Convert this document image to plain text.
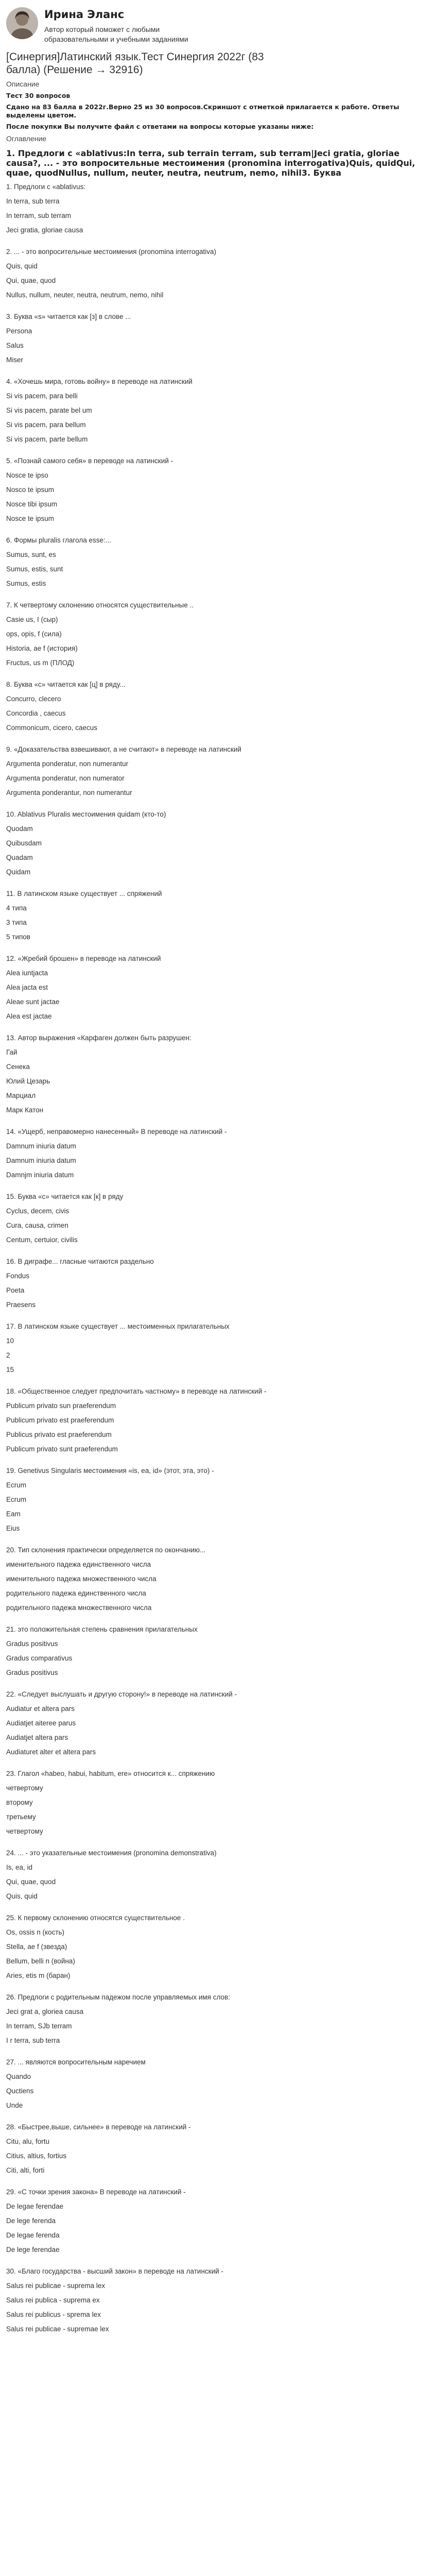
Ирина Эланс
Автор который поможет с любыми образовательными и учебными заданиями
[Синергия]Латинский язык.Тест Синергия 2022г (83 балла) (Решение → 32916)
Описание
Тест 30 вопросов
Сдано на 83 балла в 2022г.Верно 25 из 30 вопросов.Скриншот с отметкой прилагается к работе. Ответы выделены цветом.
После покупки Вы получите файл с ответами на вопросы которые указаны ниже:
Оглавление
1. Предлоги с «ablativus:In terra, sub terrain terram, sub terram|Jeci gratia, gloriae causa?, ... - это вопросительные местоимения (pronomina interrogativa)Quis, quidQui, quae, quodNullus, nullum, neuter, neutra, neutrum, nemo, nihil3. Буква
1. Предлоги с «ablativus:
In terra, sub terra
In terram, sub terram
Jeci gratia, gloriae causa
2. ... - это вопросительные местоимения (pronomina interrogativa)
Quis, quid
Qui, quae, quod
Nullus, nullum, neuter, neutra, neutrum, nemo, nihil
3. Буква «s» читается как [з] в слове ...
Persona
Salus
Miser
4. «Хочешь мира, готовь войну» в переводе на латинский
Si vis pacem, para belli
Si vis pacem, parate bel um
Si vis pacem, para bellum
Si vis pacem, parte bellum
5. «Познай самого себя» в переводе на латинский -
Nosce te ipso
Nosco te ipsum
Nosce tibi ipsum
Nosce te ipsum
6. Формы pluralis глагола esse:...
Sumus, sunt, es
Sumus, estis, sunt
Sumus, estis
7. К четвертому склонению относятся существительные ..
Casie us, I (сыр)
ops, opis, f (сила)
Historia, ae f (история)
Fructus, us m (ПЛОД)
8. Буква «c» читается как [ц] в ряду...
Concurro, clecero
Concordia , caecus
Commonicum, cicero, caecus
9. «Доказательства взвешивают, а не считают» в переводе на латинский
Argumenta ponderatur, non numerantur
Argumenta ponderatur, non numerator
Argumenta ponderantur, non numerantur
10. Ablativus Pluralis местоимения quidam (кто-то)
Quodam
Quibusdam
Quadam
Quidam
11. В латинском языке существует ... спряжений
4 типа
3 типа
5 типов
12. «Жребий брошен» в переводе на латинский
Alea iuntjacta
Alea jacta est
Aleae sunt jactae
Alea est jactae
13. Автор выражения «Карфаген должен быть разрушен:
Гай
Сенека
Юлий Цезарь
Марциал
Марк Катон
14. «Ущерб, неправомерно нанесенный» В переводе на латинский -
Damnum iniuria datum
Damnum iniuria datum
Damnjm iniuria datum
15. Буква «c» читается как [к] в ряду
Cyclus, decem, civis
Cura, causa, crimen
Centum, certuior, civilis
16. В диграфе... гласные читаются раздельно
Fondus
Poeta
Praesens
17. В латинском языке существует ... местоименных прилагательных
10
2
15
18. «Общественное следует предпочитать частному» в переводе на латинский -
Publicum privato sun praeferendum
Publicum privato est praeferendum
Publicus privato est praeferendum
Publicum privato sunt praeferendum
19. Genetivus Singularis местоимения «is, ea, id» (этот, эта, это) -
Ecrum
Ecrum
Eam
Eius
20. Тип склонения практически определяется по окончанию...
именительного падежа единственного числа
именительного падежа множественного числа
родительного падежа единственного числа
родительного падежа множественного числа
21. это положительная степень сравнения прилагательных
Gradus positivus
Gradus comparativus
Gradus positivus
22. «Следует выслушать и другую сторону!» в переводе на латинский -
Audiatur et altera pars
Audiatjet aiteree parus
Audiatjet altera pars
Audiaturet alter et altera pars
23. Глагол «habeo, habui, habitum, ere» относится к... спряжению
четвертому
второму
третьему
четвертому
24. ... - это указательные местоимения (pronomina demonstrativa)
Is, ea, id
Qui, quae, quod
Quis, quid
25. К первому склонению относятся существительное .
Os, ossis n (кость)
Stella, ae f (звезда)
Bellum, belli n (война)
Aries, etis m (баран)
26. Предлоги с родительным падежом после управляемых имя слов:
Jeci grat a, gloriea causa
In terram, SJb terram
I r terra, sub terra
27. ... являются вопросительным наречием
Quando
Quctiens
Unde
28. «Быстрее,выше, сильнее» в переводе на латинский -
Citu, alu, fortu
Citius, altius, fortius
Citi, alti, forti
29. «С точки зрения закона» В переводе на латинский -
De legae ferendae
De lege ferenda
De legae ferenda
De lege ferendae
30. «Благо государства - высший закон» в переводе на латинский -
Salus rei publicae - suprema lex
Salus rei publica - suprema ex
Salus rei publicus - sprema lex
Salus rei publicae - supremae lex
